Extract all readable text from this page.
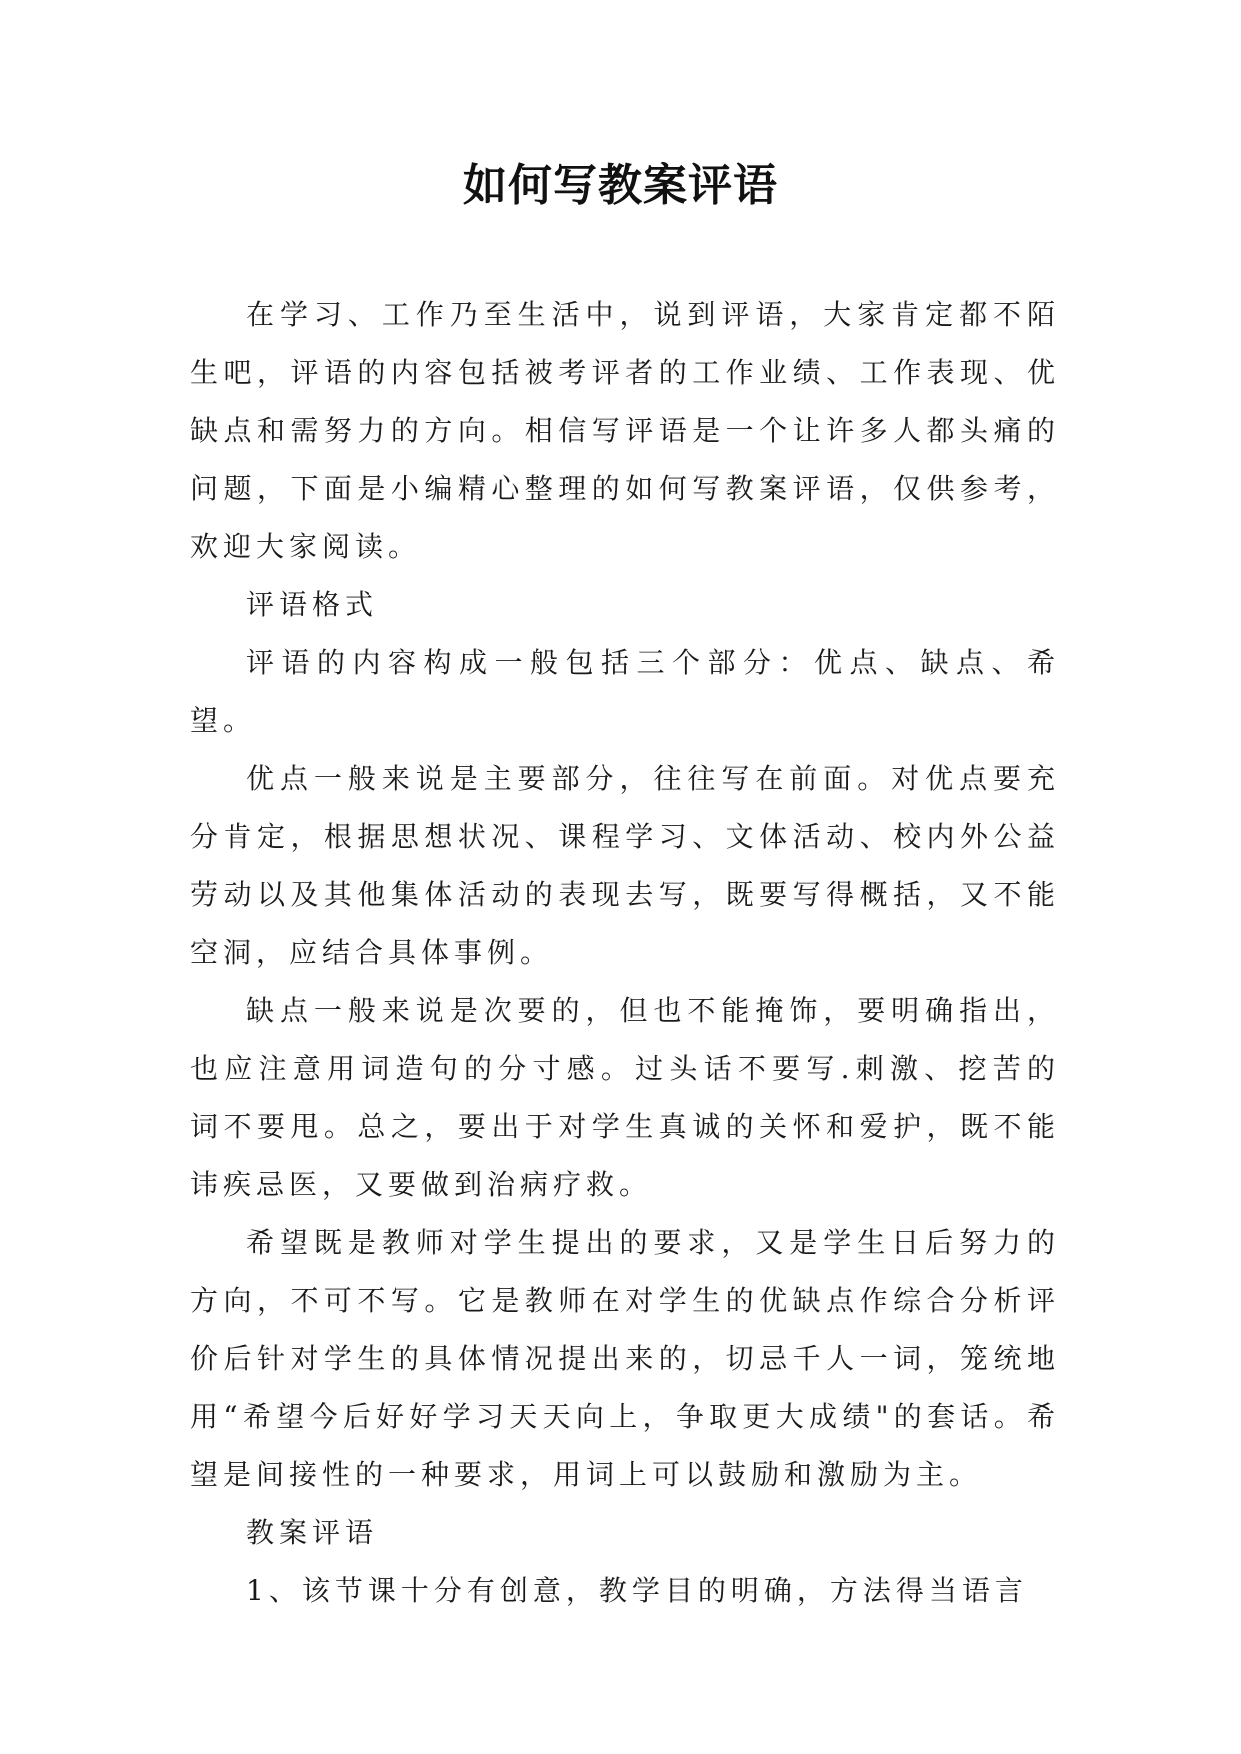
如何写教案评语

在学习、工作乃至生活中，说到评语，大家肯定都不陌生吧，评语的内容包括被考评者的工作业绩、工作表现、优缺点和需努力的方向。相信写评语是一个让许多人都头痛的问题，下面是小编精心整理的如何写教案评语，仅供参考，欢迎大家阅读。

评语格式

评语的内容构成一般包括三个部分：优点、缺点、希望。

优点一般来说是主要部分，往往写在前面。对优点要充分肯定，根据思想状况、课程学习、文体活动、校内外公益劳动以及其他集体活动的表现去写，既要写得概括，又不能空洞，应结合具体事例。

缺点一般来说是次要的，但也不能掩饰，要明确指出，也应注意用词造句的分寸感。过头话不要写.刺激、挖苦的词不要甩。总之，要出于对学生真诚的关怀和爱护，既不能讳疾忌医，又要做到治病疗救。

希望既是教师对学生提出的要求，又是学生日后努力的方向，不可不写。它是教师在对学生的优缺点作综合分析评价后针对学生的具体情况提出来的，切忌千人一词，笼统地用“希望今后好好学习天天向上，争取更大成绩"的套话。希望是间接性的一种要求，用词上可以鼓励和激励为主。

教案评语

1、该节课十分有创意，教学目的明确，方法得当语言
